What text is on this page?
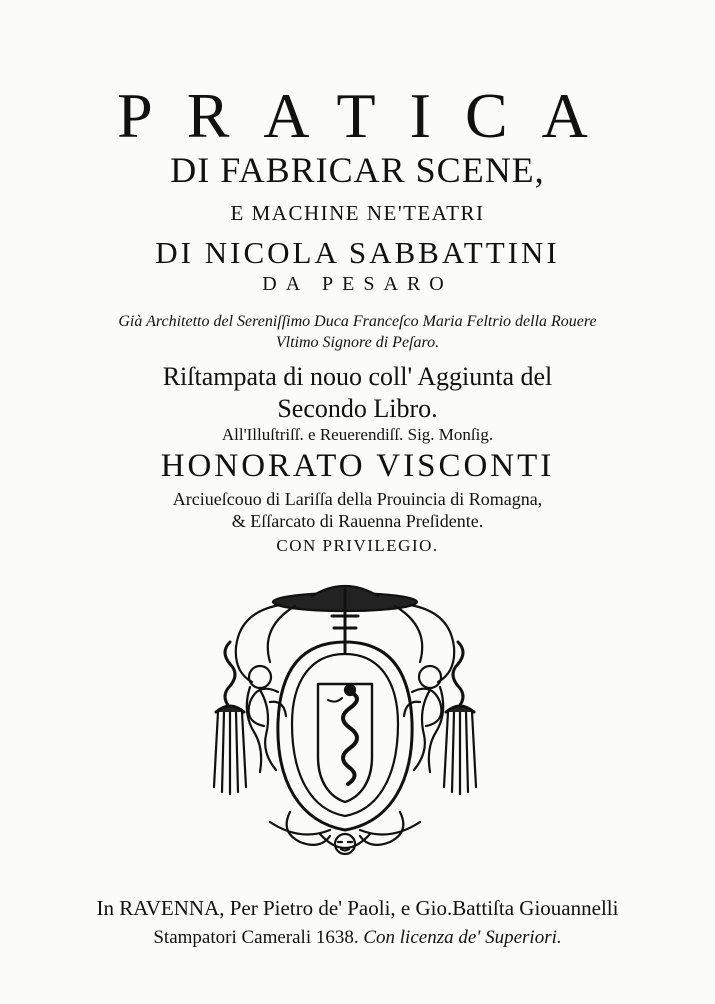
PRATICA
DI FABRICAR SCENE,
E MACHINE NE'TEATRI
DI NICOLA SABBATTINI
DA PESARO
Già Architetto del Sereniſſimo Duca Franceſco Maria Feltrio della Rouere
Vltimo Signore di Peſaro.
Riſtampata di nouo coll' Aggiunta del
Secondo Libro.
All'Illuſtriſſ. e Reuerendiſſ. Sig. Monſig.
HONORATO VISCONTI
Arciueſcouo di Lariſſa della Prouincia di Romagna,
& Eſſarcato di Rauenna Preſidente.
CON PRIVILEGIO.
In RAVENNA, Per Pietro de' Paoli, e Gio.Battiſta Giouannelli
Stampatori Camerali 1638. Con licenza de' Superiori.
